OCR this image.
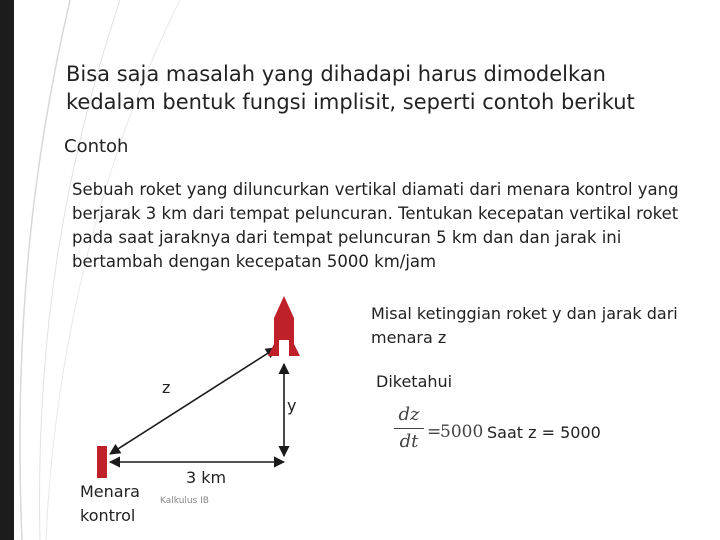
Bisa saja masalah yang dihadapi harus dimodelkan kedalam bentuk fungsi implisit, seperti contoh berikut
Contoh
Sebuah roket yang diluncurkan vertikal diamati dari menara kontrol yang berjarak 3 km dari tempat peluncuran. Tentukan kecepatan vertikal roket pada saat jaraknya dari tempat peluncuran 5 km dan dan jarak ini bertambah dengan kecepatan 5000 km/jam
Misal ketinggian roket y dan jarak dari menara z
z
y
3 km
Menara kontrol
Diketahui
dz
dt =
5000 Saat z = 5000
Kalkulus IB
